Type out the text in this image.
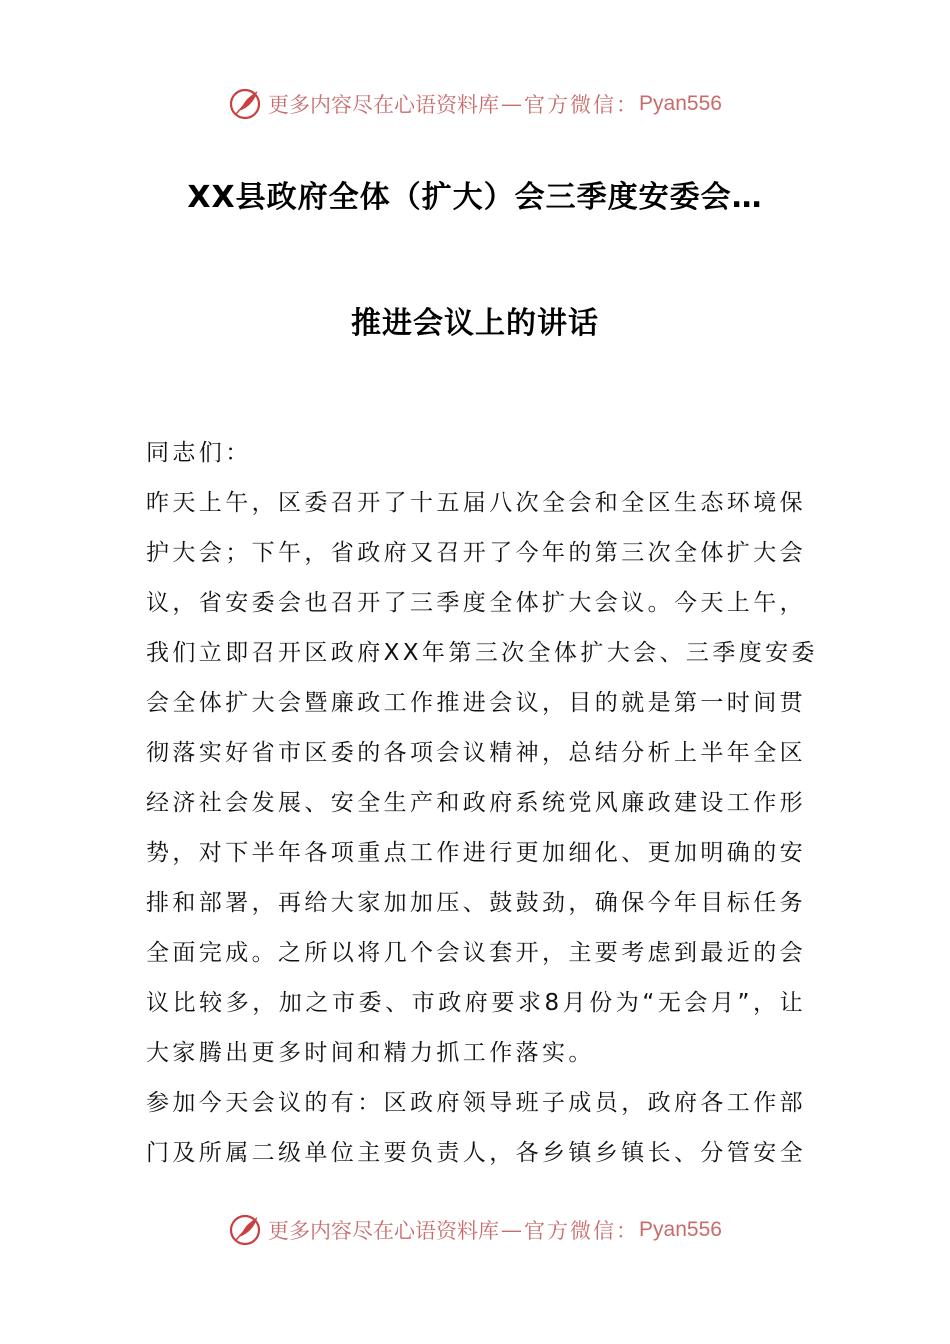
更多内容尽在心语资料库 — 官方微信： Pyan556
XX县政府全体（扩大）会三季度安委会…
推进会议上的讲话

同志们：

昨天上午，区委召开了十五届八次全会和全区生态环境保
护大会；下午，省政府又召开了今年的第三次全体扩大会
议，省安委会也召开了三季度全体扩大会议。今天上午，
我们立即召开区政府XX年第三次全体扩大会、三季度安委
会全体扩大会暨廉政工作推进会议，目的就是第一时间贯
彻落实好省市区委的各项会议精神，总结分析上半年全区
经济社会发展、安全生产和政府系统党风廉政建设工作形
势，对下半年各项重点工作进行更加细化、更加明确的安
排和部署，再给大家加加压、鼓鼓劲，确保今年目标任务
全面完成。之所以将几个会议套开，主要考虑到最近的会
议比较多，加之市委、市政府要求8月份为“无会月”，让
大家腾出更多时间和精力抓工作落实。

参加今天会议的有：区政府领导班子成员，政府各工作部
门及所属二级单位主要负责人，各乡镇乡镇长、分管安全

更多内容尽在心语资料库 — 官方微信： Pyan556
